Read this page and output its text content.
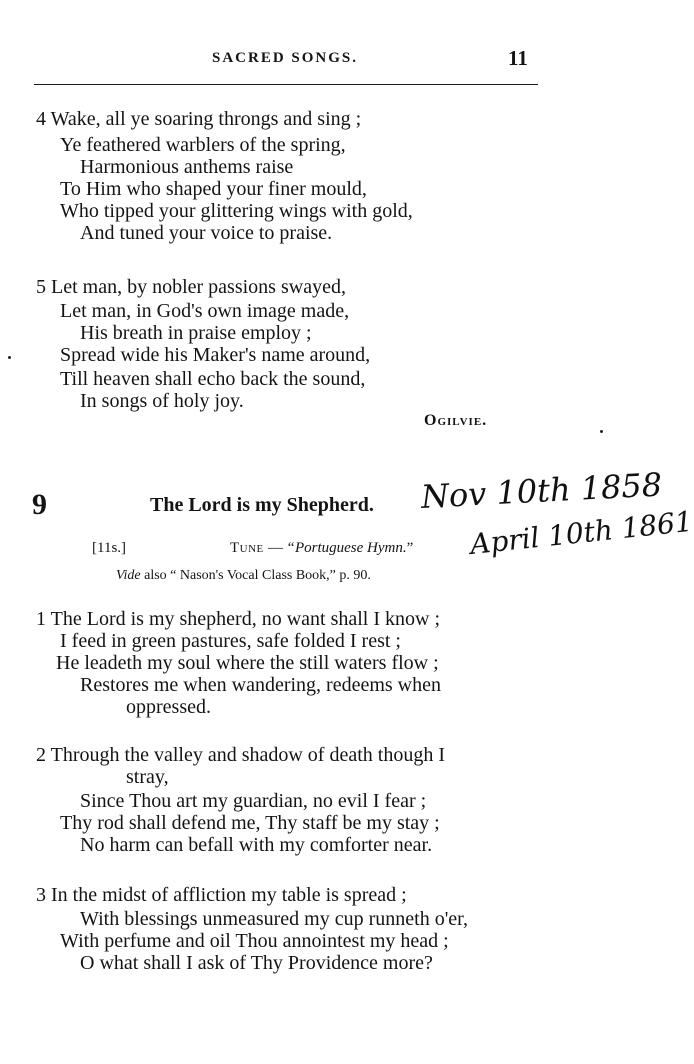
SACRED SONGS.	11
4 Wake, all ye soaring throngs and sing ;
Ye feathered warblers of the spring,
Harmonious anthems raise
To Him who shaped your finer mould,
Who tipped your glittering wings with gold,
And tuned your voice to praise.
5 Let man, by nobler passions swayed,
Let man, in God's own image made,
His breath in praise employ ;
Spread wide his Maker's name around,
Till heaven shall echo back the sound,
In songs of holy joy.
Ogilvie.
9	The Lord is my Shepherd. Nov 10th 1858
[11s.]	Tune — “Portuguese Hymn.” April 10th 1861
Vide also “ Nason's Vocal Class Book,” p. 90.
1 The Lord is my shepherd, no want shall I know ;
I feed in green pastures, safe folded I rest ;
He leadeth my soul where the still waters flow ;
Restores me when wandering, redeems when
oppressed.
2 Through the valley and shadow of death though I
stray,
Since Thou art my guardian, no evil I fear ;
Thy rod shall defend me, Thy staff be my stay ;
No harm can befall with my comforter near.
3 In the midst of affliction my table is spread ;
With blessings unmeasured my cup runneth o'er,
With perfume and oil Thou annointest my head ;
O what shall I ask of Thy Providence more?
